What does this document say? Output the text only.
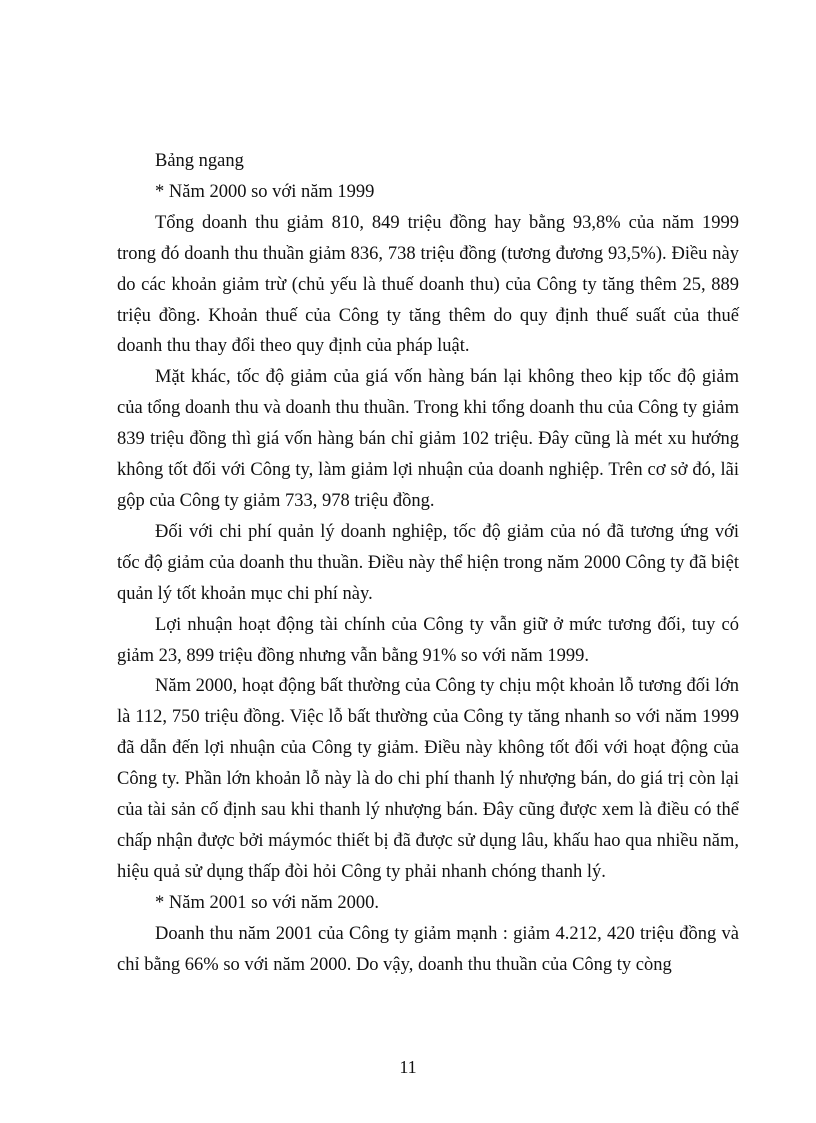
Bảng ngang

* Năm 2000 so với năm 1999

Tổng doanh thu giảm 810, 849 triệu đồng hay bằng 93,8% của năm 1999 trong đó doanh thu thuần giảm 836, 738 triệu đồng (tương đương 93,5%). Điều này do các khoản giảm trừ (chủ yếu là thuế doanh thu) của Công ty tăng thêm 25, 889 triệu đồng. Khoản thuế của Công ty tăng thêm do quy định thuế suất của thuế doanh thu thay đổi theo quy định của pháp luật.

Mặt khác, tốc độ giảm của giá vốn hàng bán lại không theo kịp tốc độ giảm của tổng doanh thu và doanh thu thuần. Trong khi tổng doanh thu của Công ty giảm 839 triệu đồng thì giá vốn hàng bán chỉ giảm 102 triệu. Đây cũng là mét xu hướng không tốt đối với Công ty, làm giảm lợi nhuận của doanh nghiệp. Trên cơ sở đó, lãi gộp của Công ty giảm 733, 978 triệu đồng.

Đối với chi phí quản lý doanh nghiệp, tốc độ giảm của nó đã tương ứng với tốc độ giảm của doanh thu thuần. Điều này thể hiện trong năm 2000 Công ty đã biệt quản lý tốt khoản mục chi phí này.

Lợi nhuận hoạt động tài chính của Công ty vẫn giữ ở mức tương đối, tuy có giảm 23, 899 triệu đồng nhưng vẫn bằng 91% so với năm 1999.

Năm 2000, hoạt động bất thường của Công ty chịu một khoản lỗ tương đối lớn là 112, 750 triệu đồng. Việc lỗ bất thường của Công ty tăng nhanh so với năm 1999 đã dẫn đến lợi nhuận của Công ty giảm. Điều này không tốt đối với hoạt động của Công ty. Phần lớn khoản lỗ này là do chi phí thanh lý nhượng bán, do giá trị còn lại của tài sản cố định sau khi thanh lý nhượng bán. Đây cũng được xem là điều có thể chấp nhận được bởi máymóc thiết bị đã được sử dụng lâu, khấu hao qua nhiều năm, hiệu quả sử dụng thấp đòi hỏi Công ty phải nhanh chóng thanh lý.

* Năm 2001 so với năm 2000.

Doanh thu năm 2001 của Công ty giảm mạnh : giảm 4.212, 420 triệu đồng và chỉ bằng 66% so với năm 2000. Do vậy, doanh thu thuần của Công ty còng

11
